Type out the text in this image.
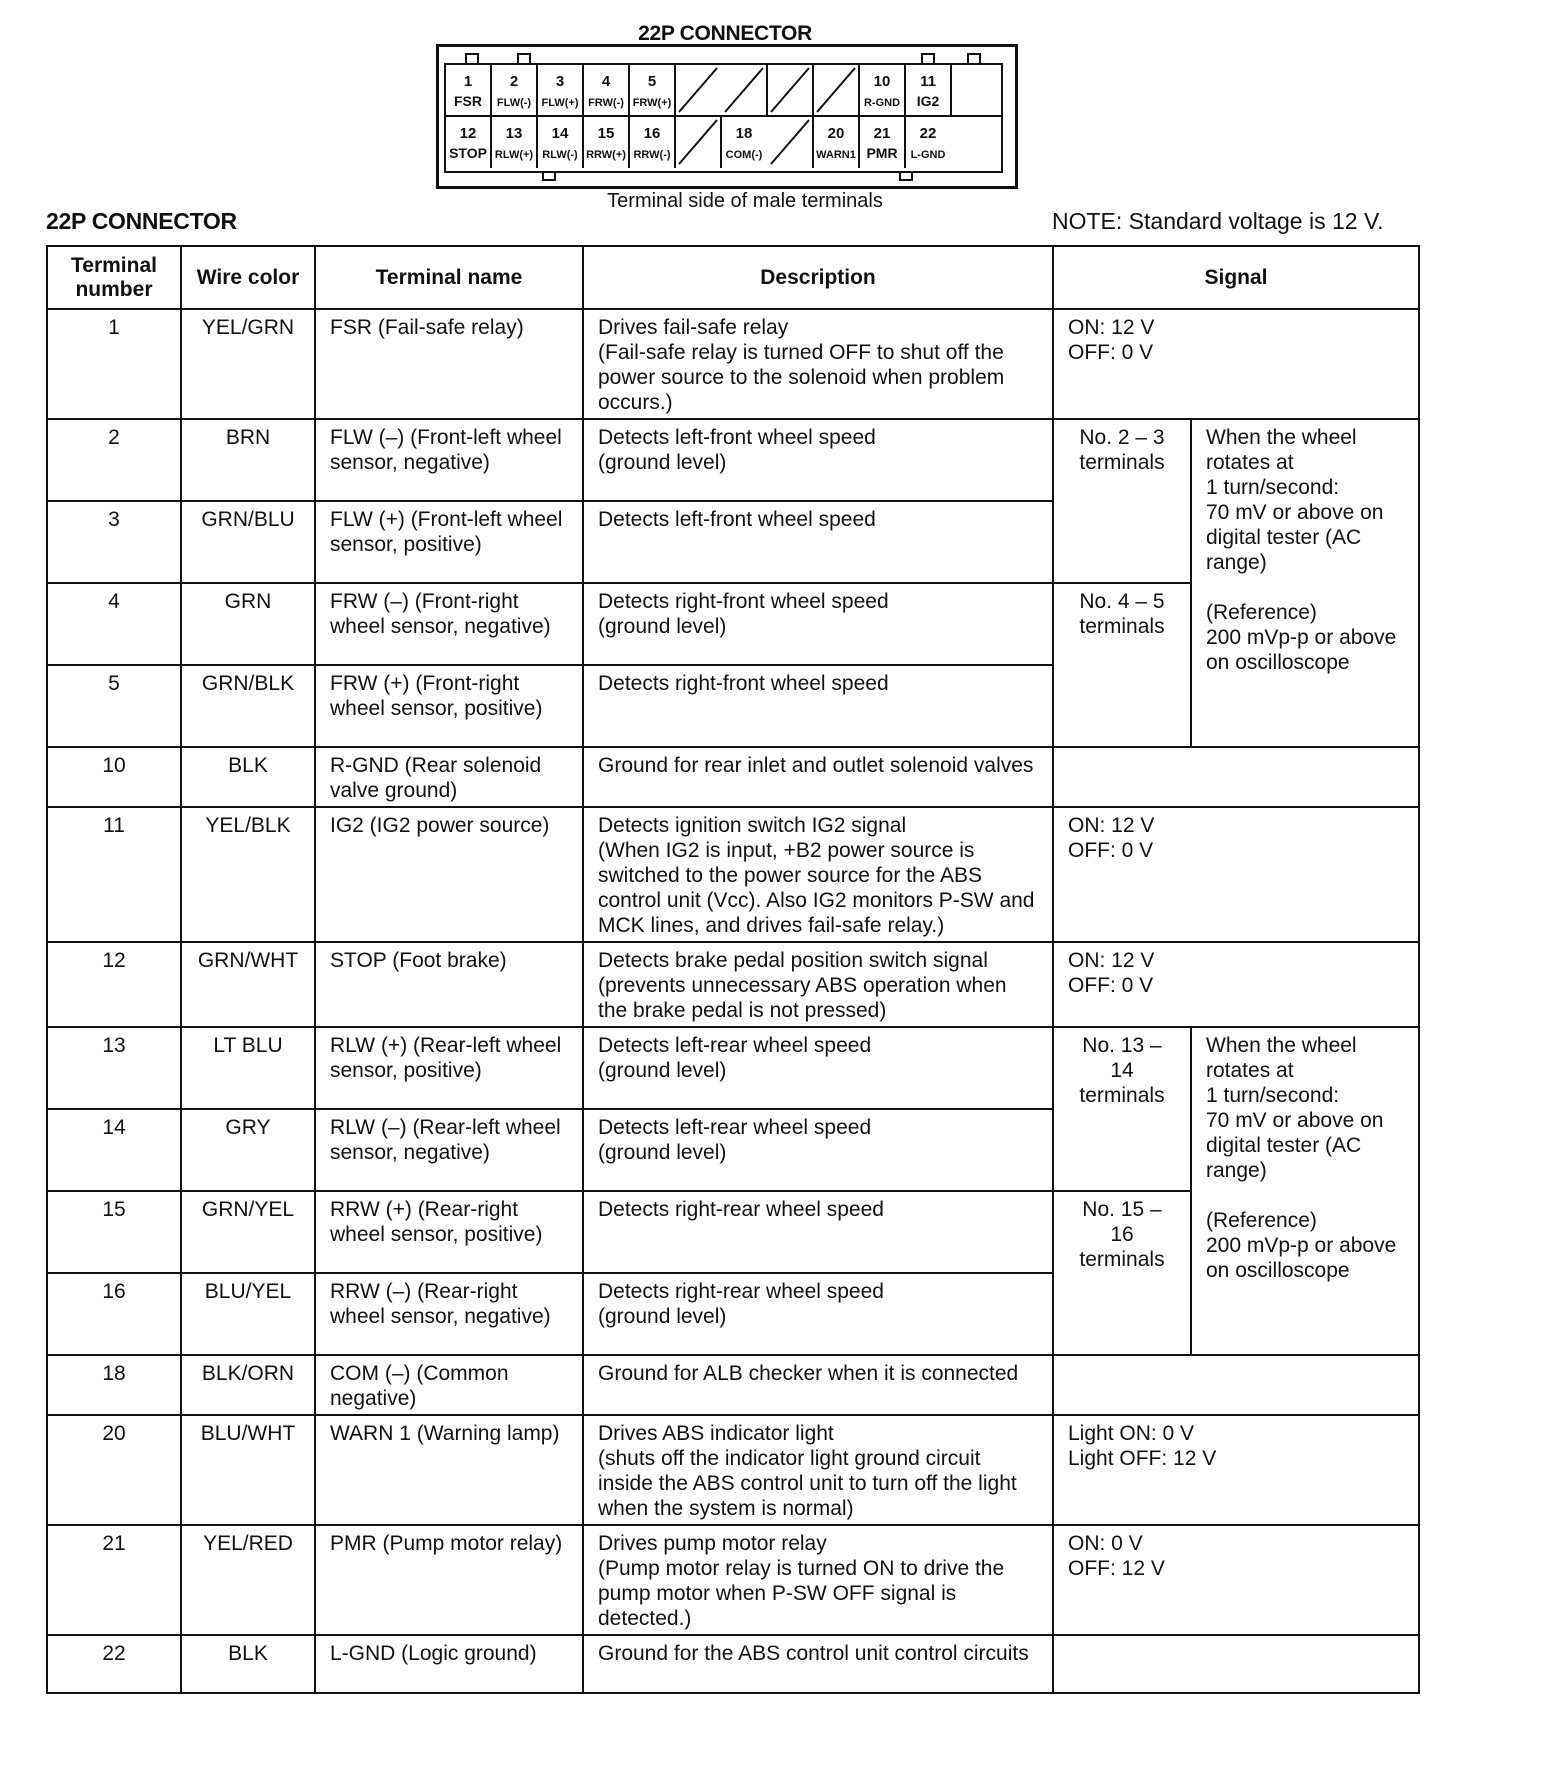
22P CONNECTOR
1
FSR
2
FLW(-)
3
FLW(+)
4
FRW(-)
5
FRW(+)
10
R-GND
11
IG2
12
STOP
13
RLW(+)
14
RLW(-)
15
RRW(+)
16
RRW(-)
18
COM(-)
20
WARN1
21
PMR
22
L-GND
Terminal side of male terminals
22P CONNECTOR	NOTE: Standard voltage is 12 V.
Terminal number	Wire color	Terminal name	Description	Signal	
1	YEL/GRN	FSR (Fail-safe relay)	Drives fail-safe relay
(Fail-safe relay is turned OFF to shut off the power source to the solenoid when problem occurs.)	ON: 12 V
OFF: 0 V	
2	BRN	FLW (–) (Front-left wheel sensor, negative)	Detects left-front wheel speed
(ground level)	No. 2 – 3 terminals	When the wheel rotates at
1 turn/second:
70 mV or above on digital tester (AC range)

(Reference)
200 mVp-p or above on oscilloscope
3	GRN/BLU	FLW (+) (Front-left wheel sensor, positive)	Detects left-front wheel speed		
4	GRN	FRW (–) (Front-right wheel sensor, negative)	Detects right-front wheel speed
(ground level)	No. 4 – 5 terminals	
5	GRN/BLK	FRW (+) (Front-right wheel sensor, positive)	Detects right-front wheel speed		
10	BLK	R-GND (Rear solenoid valve ground)	Ground for rear inlet and outlet solenoid valves		
11	YEL/BLK	IG2 (IG2 power source)	Detects ignition switch IG2 signal
(When IG2 is input, +B2 power source is switched to the power source for the ABS control unit (Vcc). Also IG2 monitors P-SW and MCK lines, and drives fail-safe relay.)	ON: 12 V
OFF: 0 V	
12	GRN/WHT	STOP (Foot brake)	Detects brake pedal position switch signal (prevents unnecessary ABS operation when the brake pedal is not pressed)	ON: 12 V
OFF: 0 V	
13	LT BLU	RLW (+) (Rear-left wheel sensor, positive)	Detects left-rear wheel speed
(ground level)	No. 13 – 14 terminals	When the wheel rotates at
1 turn/second:
70 mV or above on digital tester (AC range)

(Reference)
200 mVp-p or above on oscilloscope
14	GRY	RLW (–) (Rear-left wheel sensor, negative)	Detects left-rear wheel speed
(ground level)		
15	GRN/YEL	RRW (+) (Rear-right wheel sensor, positive)	Detects right-rear wheel speed	No. 15 – 16 terminals	
16	BLU/YEL	RRW (–) (Rear-right wheel sensor, negative)	Detects right-rear wheel speed
(ground level)		
18	BLK/ORN	COM (–) (Common negative)	Ground for ALB checker when it is connected		
20	BLU/WHT	WARN 1 (Warning lamp)	Drives ABS indicator light
(shuts off the indicator light ground circuit inside the ABS control unit to turn off the light when the system is normal)	Light ON: 0 V
Light OFF: 12 V	
21	YEL/RED	PMR (Pump motor relay)	Drives pump motor relay
(Pump motor relay is turned ON to drive the pump motor when P-SW OFF signal is detected.)	ON: 0 V
OFF: 12 V	
22	BLK	L-GND (Logic ground)	Ground for the ABS control unit control circuits		
